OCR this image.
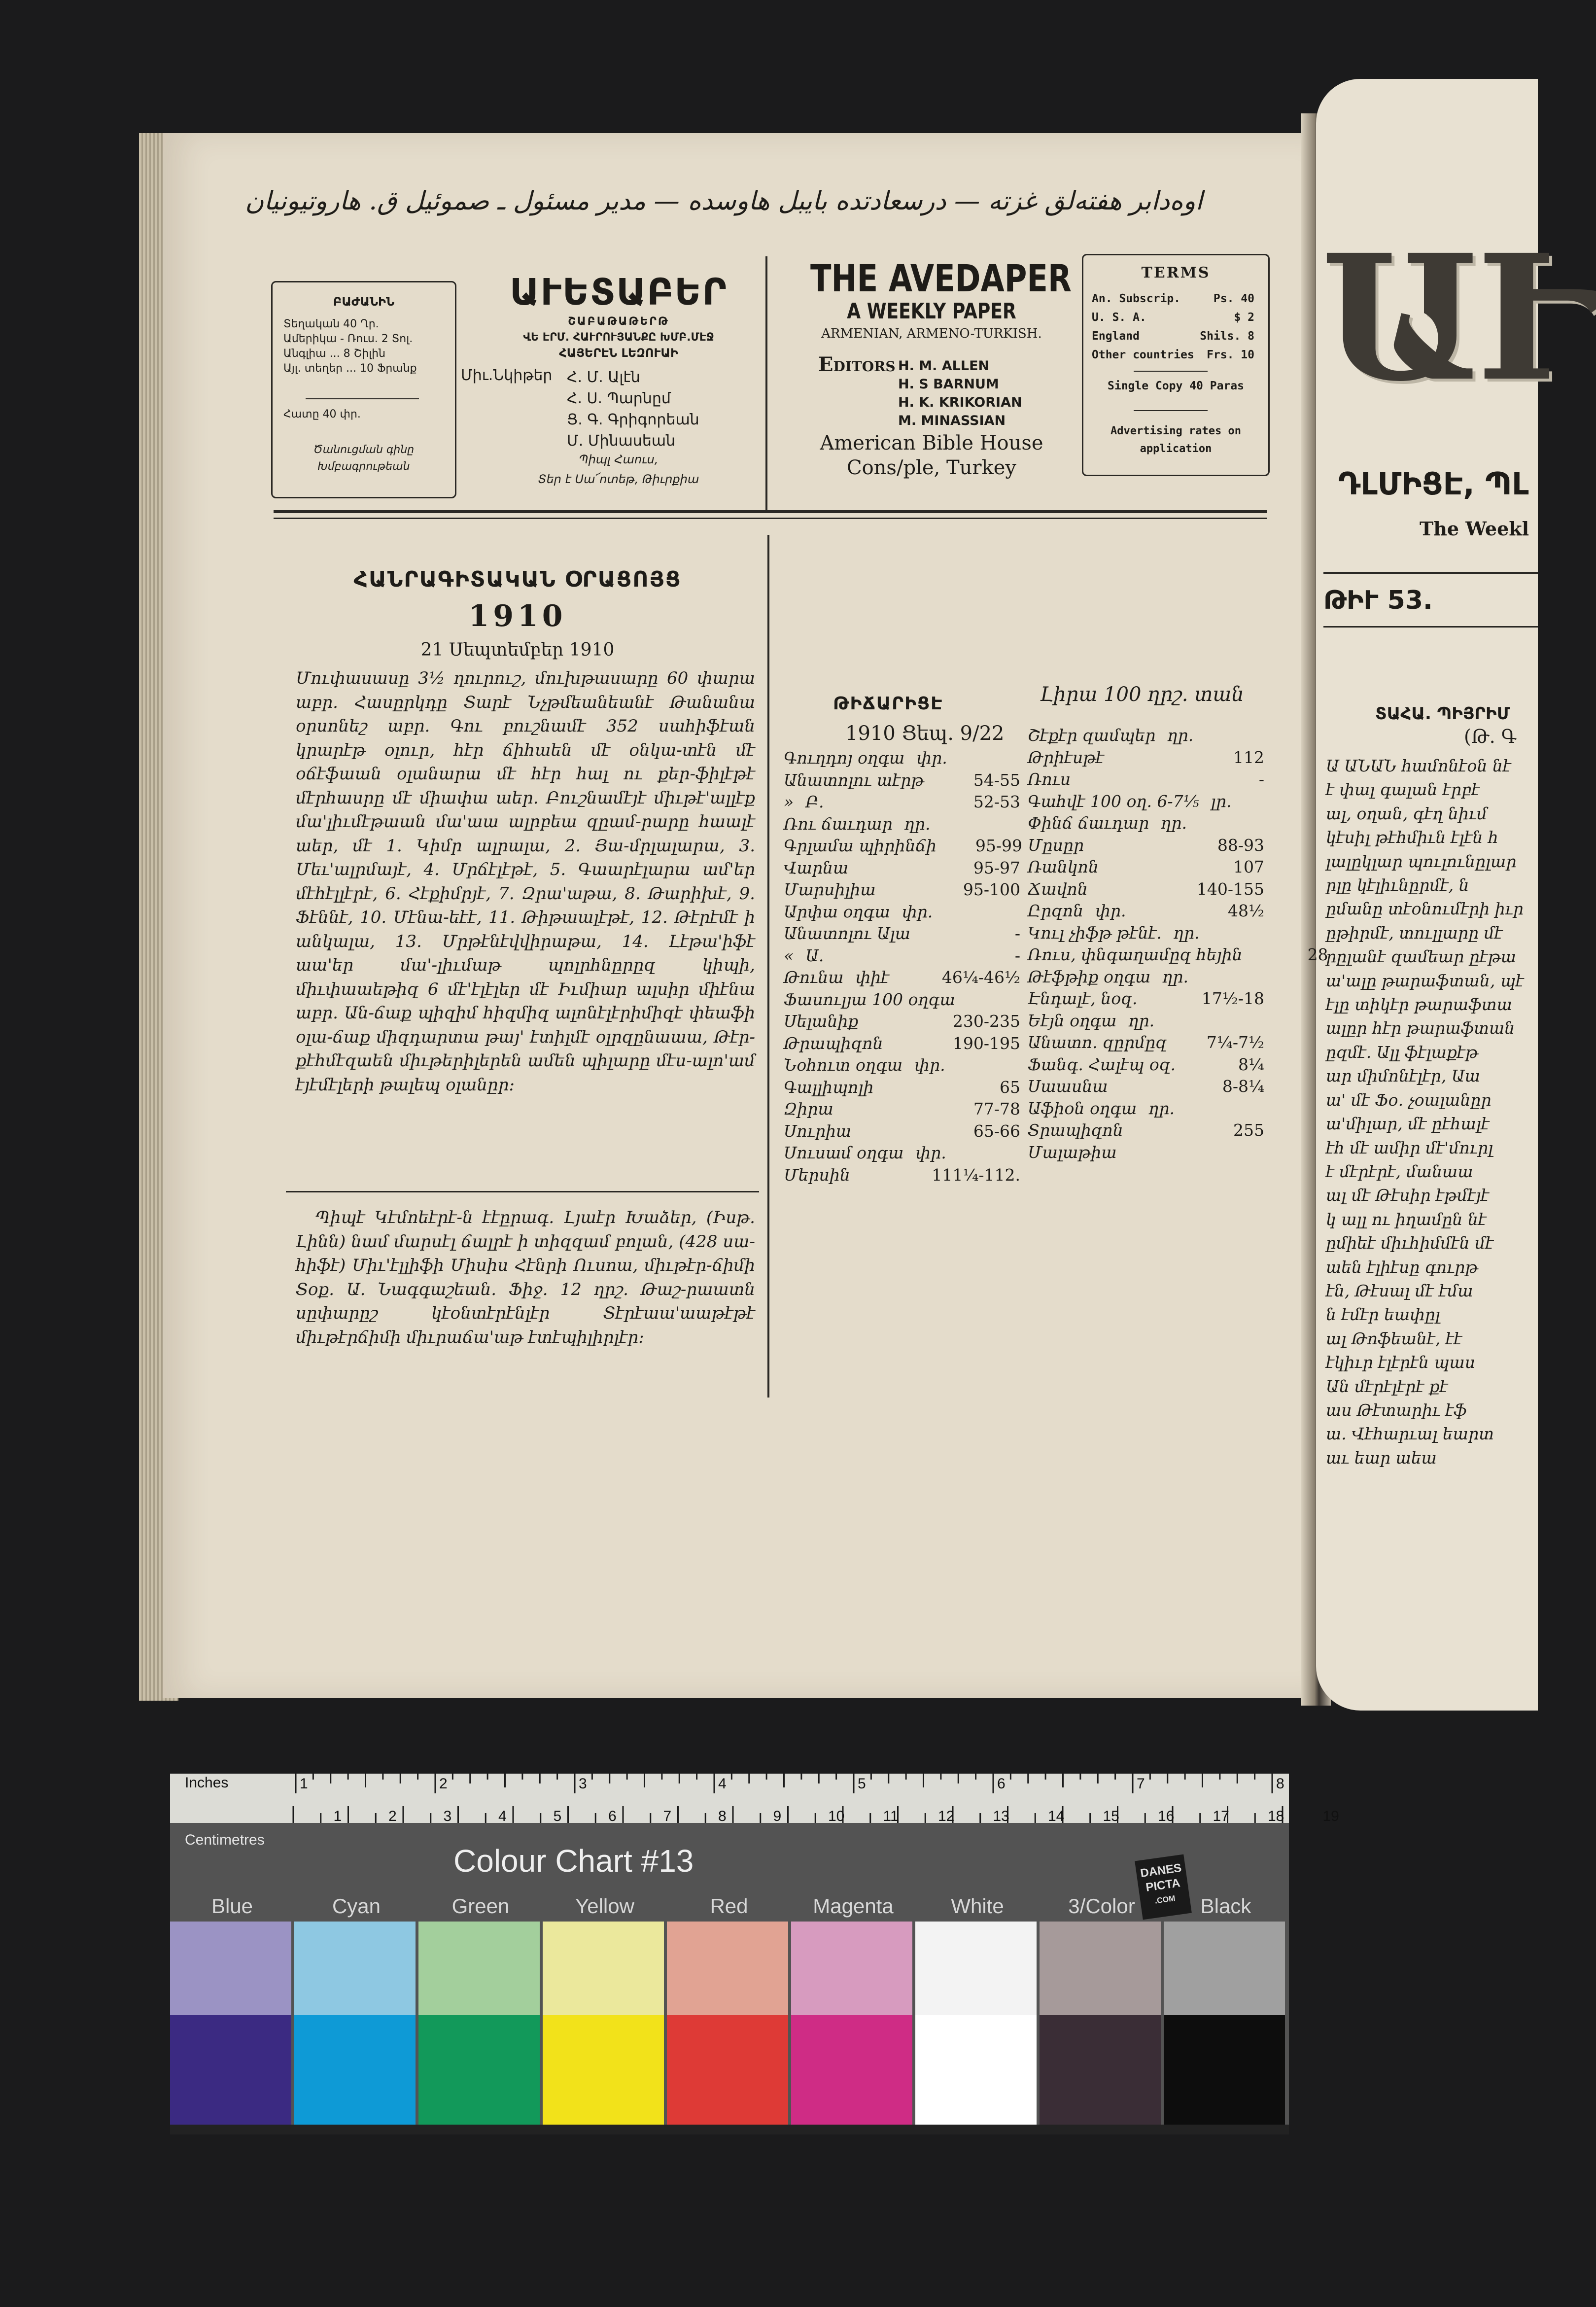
اوه‌دابر هفته‌لق غزته — درسعادتده بايبل هاوسده — مدیر مسئول ـ صموئیل ق. هاروتیونیان
ԲԱԺԱՆԻՆ
Տեղական 40 Ղր.
Ամերիկա - Ռուս. 2 Տոլ.
Անգլիա ... 8 Շիլին
Այլ. տեղեր ... 10 Ֆրանք
Հատը 40 փր.
Ծանուցման գինը
Խմբագրութեան
ԱՒԵՏԱԲԵՐ
ՇԱԲԱԹԱԹԵՐԹ
ՎԵ ԷՐՄ. ՀԱՒՐՈՒՅԱՆՔԸ ԽՄԲ.ՄԷՋ
ՀԱՅԵՐԷՆ ԼԵԶՈՒԱԻ
Միւ.Նկիթեր Հ. Մ. Ալէն
Հ. Ս. Պարնըմ
Ց. Գ. Գրիգորեան
Մ. Մինասեան
Պիպլ Հաուս,
Տեր է Սա՜ոտեթ, Թիւրքիա
THE AVEDAPER
A WEEKLY PAPER
ARMENIAN, ARMENO-TURKISH.
Editors H. M. ALLEN
H. S BARNUM
H. K. KRIKORIAN
M. MINASSIAN
American Bible House
Cons/ple, Turkey
TERMS
An. Subscrip.	Ps. 40
U. S. A.	$ 2
England	Shils. 8
Other countries Frs. 10
Single Copy 40 Paras
Advertising rates on
application
ՀԱՆՐԱԳԻՏԱԿԱՆ ՕՐԱՑՈՅՑ
1910
21 Սեպտեմբեր 1910
Մուփասասը 3½ ղուրուշ, մուխթասարը 60 փարա աբր. Հասըրկդը Տարէ Նչթմեանեանէ Թանանա օրսոնեշ աբր. Գու բուշնամէ 352 սահիֆէան կրարէթ օլուր, հէր ճիհաեն մէ օնկա-տէն մէ օճէֆաան օլանարա մէ հէր հալ ու քեր-ֆիլէթէ մէրհասրը մէ միափա աեր. Բուշնամէյէ միւթէ'ալլէք մա'լիւմէթաան մա'աա ալրբեա զըամ-րարը հաալէ աեր, մէ 1. Կիմր ալրալա, 2. Յա-մրլալարա, 3. Մեւ'ալրմայէ, 4. Մրճէլէթէ, 5. Գաարէլարա ամ'եր մէհէլլէրէ, 6. Հէքիմրյէ, 7. Զրա'աթա, 8. Թարիխէ, 9. Ֆէննէ, 10. Մէնա-եէէ, 11. Թիթաալէթէ, 12. Թէրէմէ ի անկալա, 13. Մրթէնէվվիրաթա, 14. Լէթա'իֆէ աա'եր մա'-լիւմաթ պոլրհնըրըզ կիպի, միւփաաեթիզ 6 մէ'էլէլեր մէ Իւմիար ալսիր միէնա աբր. Ան-ճաք պիզիմ հիզմիզ ալոնէլէրիմիզէ փեաֆի օլա-ճաք միզդարտա թայ' էտիլմէ օլրզընաաա, Թէր-քէհմէզաեն միւթերիլերեն ամեն պիլարը մէս-ալո'ամ էյէմէլերի թալեպ օլանըր։
Պիպէ Կէմոեէրէ-ն էէըրագ․ Լյաէր Խաձեր, (Իսթ. Լինն) նամ մարսէլ ճալրէ ի տիզզամ բոլան, (428 սա-հիֆէ) Միւ'էլլիֆի Միսիս Հէնրի Ուսոա, միւթէր-ճիմի Տօք. Ա. Նագգաշեան. Ֆիջ. 12 ղրշ. Թաշ-րաատն սըփարըշ կէօնտէրէնլէր Տէրէաա'աաթէթէ միւթէրճիմի միւրաճա'աթ էտէպիլիրլէր։
ԹԻՃԱՐԻՑԷ	Լիրա 100 ղրշ. տան
1910 Ցեպ. 9/22
Գուղդոյ օղգա փր.
Անատոլու աէրթ	54-55
» Բ.	52-53
Ռու ճաւդար ղր.
Գրլամա պիրինճի	95-99
Վարնա	95-97
Մարսիլիա	95-100
Արփա օղգա փր.
Անատոլու Ալա	-
« Ա.	-
Թունա փիէ	46¼-46½
Ֆասուլյա 100 օղգա
Սելանիք	230-235
Թրապիզոն	190-195
Նօհուտ օղգա փր.
Գալլիպոլի	65
Զիրա	77-78
Սուրիա	65-66
Սուսամ օղգա փր.
Մերսին	111¼-112.
Շէքէր զամպեր ղր.
Թրիէսթէ	112
Ռուս	-
Գահվէ 100 օղ. 6-7⅕ լր.
Փինճ ճաւդար ղր.
Մըսըր	88-93
Ռանկոն	107
Ճավոն	140-155
Ըրզոն փր.	48½
Կուլ չիֆթ թէնէ. ղր.
Ռուս, փնգաղամըզ հեյին	28
Թէֆթիք օղգա ղր.
Էնդալէ, նօզ.	17½-18
Եէյն օղգա ղր.
Անատո. զըրմըզ	7¼-7½
Ֆանգ. Հալէպ օզ.	8¼
Սաասնա	8-8¼
Աֆիօն օղգա ղր.
Տրապիզոն	255
Մալաթիա
ԱՒ
ԴԼՄԻՑԷ, ՊԼ
The Weekl
ԹԻՒ 53.
ՏԱՀԱ. ՊԻՅՐԻՄ
(Թ. Գ
Ա ԱՆԱՆ համոնէօն նէ
է փալ գալան էրբէ
ալ, օղան, գէղ նիւմ
կէսիլ թէհմիւն էլէն հ
լալըկլար պուլունըլար
րլը կէլիւնըրմէ, ն
ըմանը տէօնումէրի իւր
ըթիրմէ, տուլլարը մէ
րըլանէ զամեար ըէթա
ա'ալը թարաֆտան, պէ
էլը տիկէր թարաֆտա
ալըր հէր թարաֆտան
ըզմէ. Ալլ ֆէլաքէթ
ար միմոնէլէր, Աա
ա' մէ Ֆօ. չօալանըր
ա'միլար, մէ ըէհալէ
էհ մէ ամիր մէ'մուրլ
է մէրէրէ, մանաա
ալ մէ Թէսիր էթմէյէ
կ ալլ ու իղամըն նէ
ըմիեէ միւհիմմէն մէ
աեն էլիէսը գուրթ
էն, Թէսալ մէ էմա
ն էմէր եափըլ
ալ Թոֆեանէ, էէ
էկիւր էլէրէն պաս
Ան մէրէլէրէ քէ
աս Թէտարիւ էֆ
ա. Վէհարւալ եարտ
աւ եար աեա
1	2	3	4	5	6	7	8
1	2	3	4	5	6	7	8	9	10	11	12	13	14	15	16	17	18	19
Inches
Centimetres
Colour Chart #13	DANES
PICTA
.COM
Blue	Cyan	Green	Yellow	Red	Magenta	White	3/Color	Black
